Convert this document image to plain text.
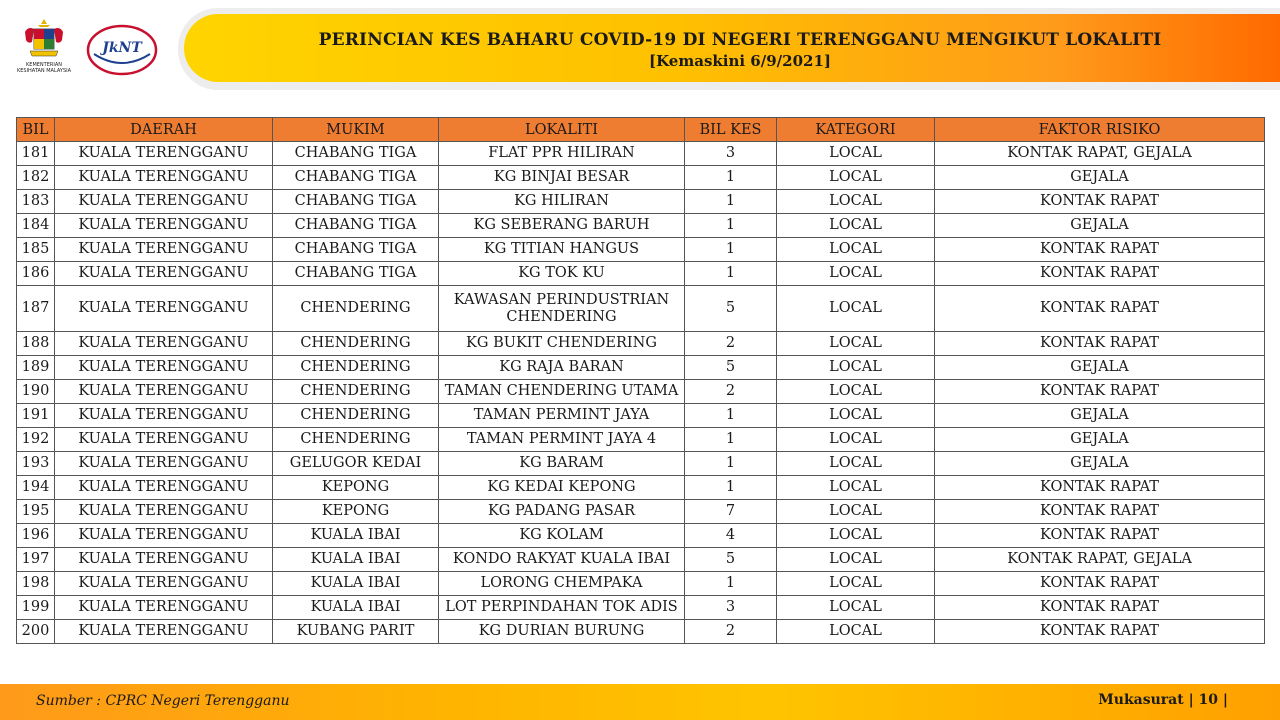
KEMENTERIAN KESIHATAN MALAYSIA
JkNT	PERINCIAN KES BAHARU COVID-19 DI NEGERI TERENGGANU MENGIKUT LOKALITI
[Kemaskini 6/9/2021]
BIL	DAERAH	MUKIM	LOKALITI	BIL KES	KATEGORI	FAKTOR RISIKO
181	KUALA TERENGGANU	CHABANG TIGA	FLAT PPR HILIRAN	3	LOCAL	KONTAK RAPAT, GEJALA
182	KUALA TERENGGANU	CHABANG TIGA	KG BINJAI BESAR	1	LOCAL	GEJALA
183	KUALA TERENGGANU	CHABANG TIGA	KG HILIRAN	1	LOCAL	KONTAK RAPAT
184	KUALA TERENGGANU	CHABANG TIGA	KG SEBERANG BARUH	1	LOCAL	GEJALA
185	KUALA TERENGGANU	CHABANG TIGA	KG TITIAN HANGUS	1	LOCAL	KONTAK RAPAT
186	KUALA TERENGGANU	CHABANG TIGA	KG TOK KU	1	LOCAL	KONTAK RAPAT
187	KUALA TERENGGANU	CHENDERING	KAWASAN PERINDUSTRIAN CHENDERING	5	LOCAL	KONTAK RAPAT
188	KUALA TERENGGANU	CHENDERING	KG BUKIT CHENDERING	2	LOCAL	KONTAK RAPAT
189	KUALA TERENGGANU	CHENDERING	KG RAJA BARAN	5	LOCAL	GEJALA
190	KUALA TERENGGANU	CHENDERING	TAMAN CHENDERING UTAMA	2	LOCAL	KONTAK RAPAT
191	KUALA TERENGGANU	CHENDERING	TAMAN PERMINT JAYA	1	LOCAL	GEJALA
192	KUALA TERENGGANU	CHENDERING	TAMAN PERMINT JAYA 4	1	LOCAL	GEJALA
193	KUALA TERENGGANU	GELUGOR KEDAI	KG BARAM	1	LOCAL	GEJALA
194	KUALA TERENGGANU	KEPONG	KG KEDAI KEPONG	1	LOCAL	KONTAK RAPAT
195	KUALA TERENGGANU	KEPONG	KG PADANG PASAR	7	LOCAL	KONTAK RAPAT
196	KUALA TERENGGANU	KUALA IBAI	KG KOLAM	4	LOCAL	KONTAK RAPAT
197	KUALA TERENGGANU	KUALA IBAI	KONDO RAKYAT KUALA IBAI	5	LOCAL	KONTAK RAPAT, GEJALA
198	KUALA TERENGGANU	KUALA IBAI	LORONG CHEMPAKA	1	LOCAL	KONTAK RAPAT
199	KUALA TERENGGANU	KUALA IBAI	LOT PERPINDAHAN TOK ADIS	3	LOCAL	KONTAK RAPAT
200	KUALA TERENGGANU	KUBANG PARIT	KG DURIAN BURUNG	2	LOCAL	KONTAK RAPAT
Sumber : CPRC Negeri Terengganu	Mukasurat | 10 |
